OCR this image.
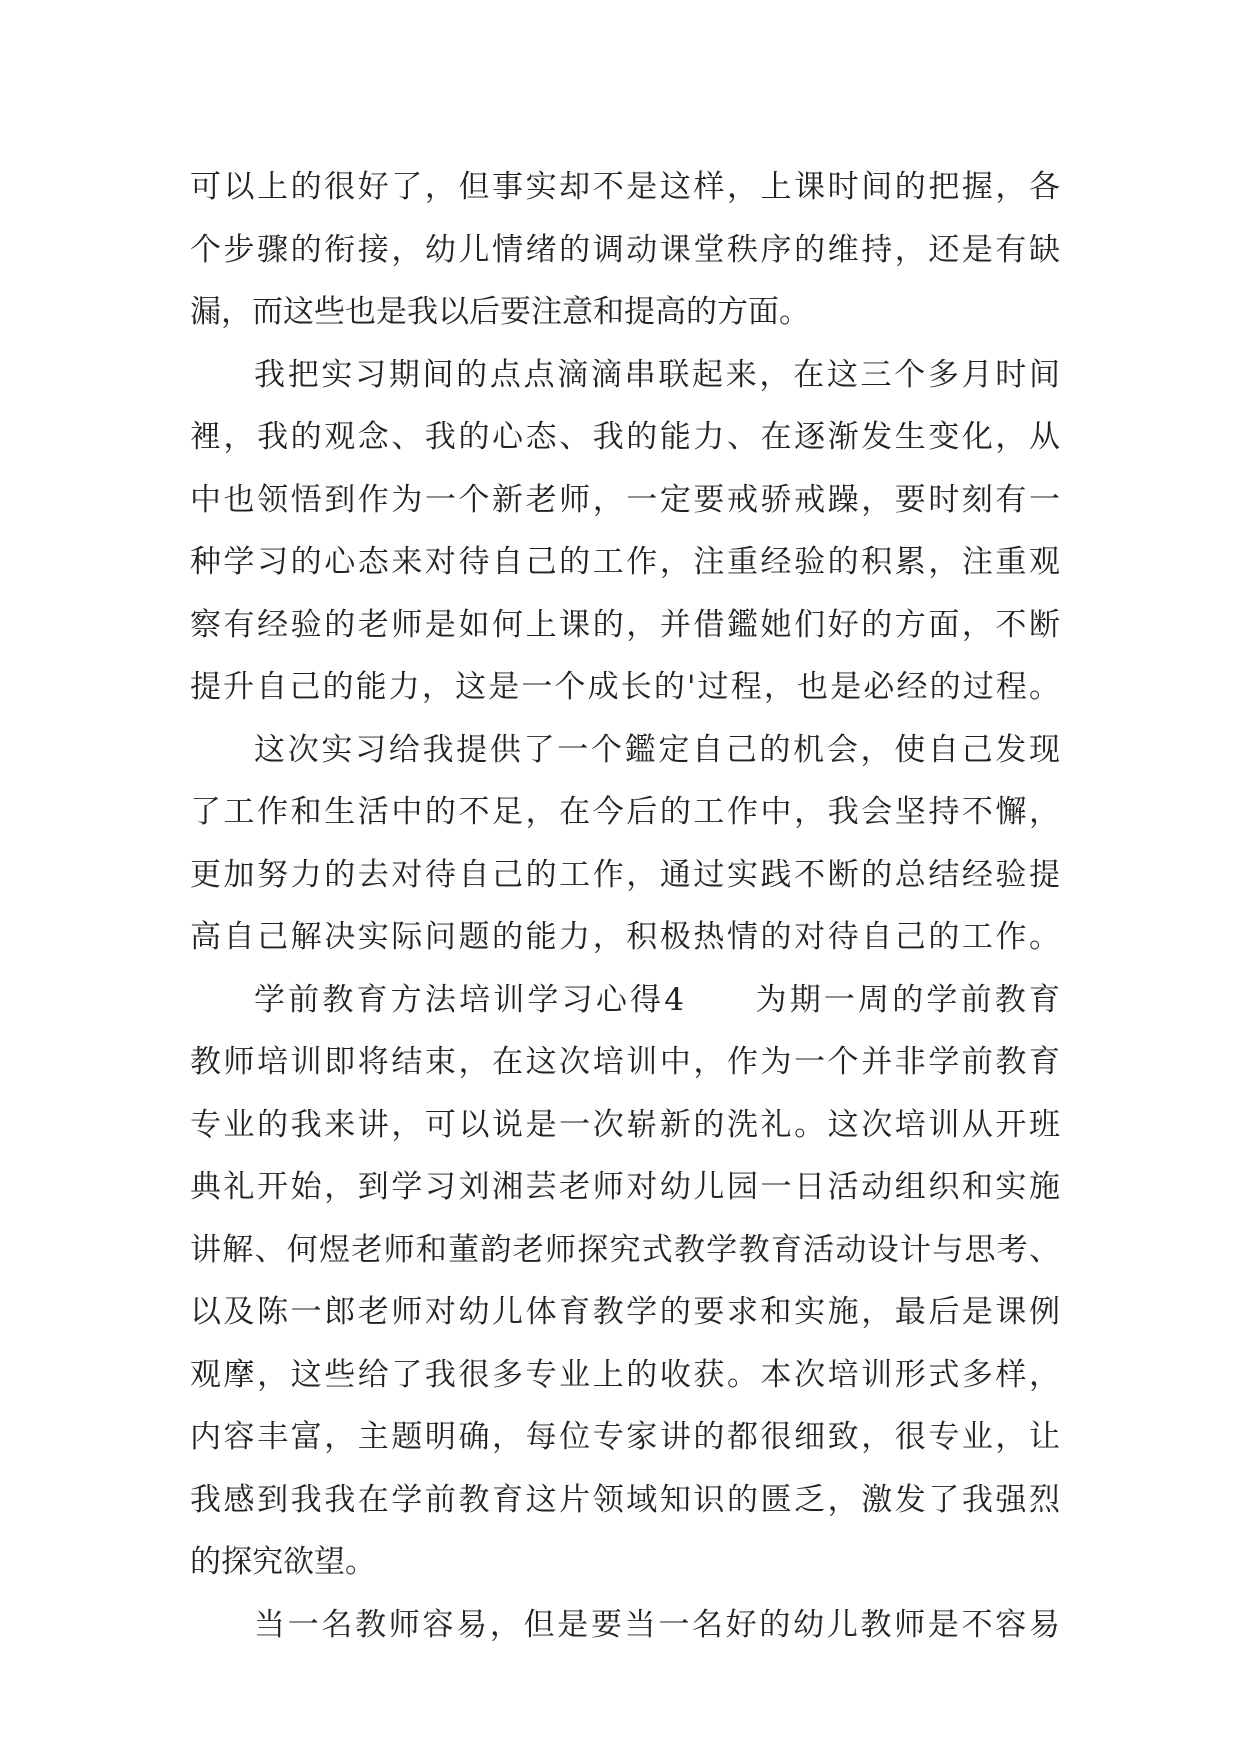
可以上的很好了，但事实却不是这样，上课时间的把握，各
个步骤的衔接，幼儿情绪的调动课堂秩序的维持，还是有缺
漏，而这些也是我以后要注意和提高的方面。
我把实习期间的点点滴滴串联起来，在这三个多月时间
裡，我的观念、我的心态、我的能力、在逐渐发生变化，从
中也领悟到作为一个新老师，一定要戒骄戒躁，要时刻有一
种学习的心态来对待自己的工作，注重经验的积累，注重观
察有经验的老师是如何上课的，并借鑑她们好的方面，不断
提升自己的能力，这是一个成长的'过程，也是必经的过程。
这次实习给我提供了一个鑑定自己的机会，使自己发现
了工作和生活中的不足，在今后的工作中，我会坚持不懈，
更加努力的去对待自己的工作，通过实践不断的总结经验提
高自己解决实际问题的能力，积极热情的对待自己的工作。
学前教育方法培训学习心得4　　为期一周的学前教育
教师培训即将结束，在这次培训中，作为一个并非学前教育
专业的我来讲，可以说是一次崭新的洗礼。这次培训从开班
典礼开始，到学习刘湘芸老师对幼儿园一日活动组织和实施
讲解、何煜老师和董韵老师探究式教学教育活动设计与思考、
以及陈一郎老师对幼儿体育教学的要求和实施，最后是课例
观摩，这些给了我很多专业上的收获。本次培训形式多样，
内容丰富，主题明确，每位专家讲的都很细致，很专业，让
我感到我我在学前教育这片领域知识的匮乏，激发了我强烈
的探究欲望。
当一名教师容易，但是要当一名好的幼儿教师是不容易
